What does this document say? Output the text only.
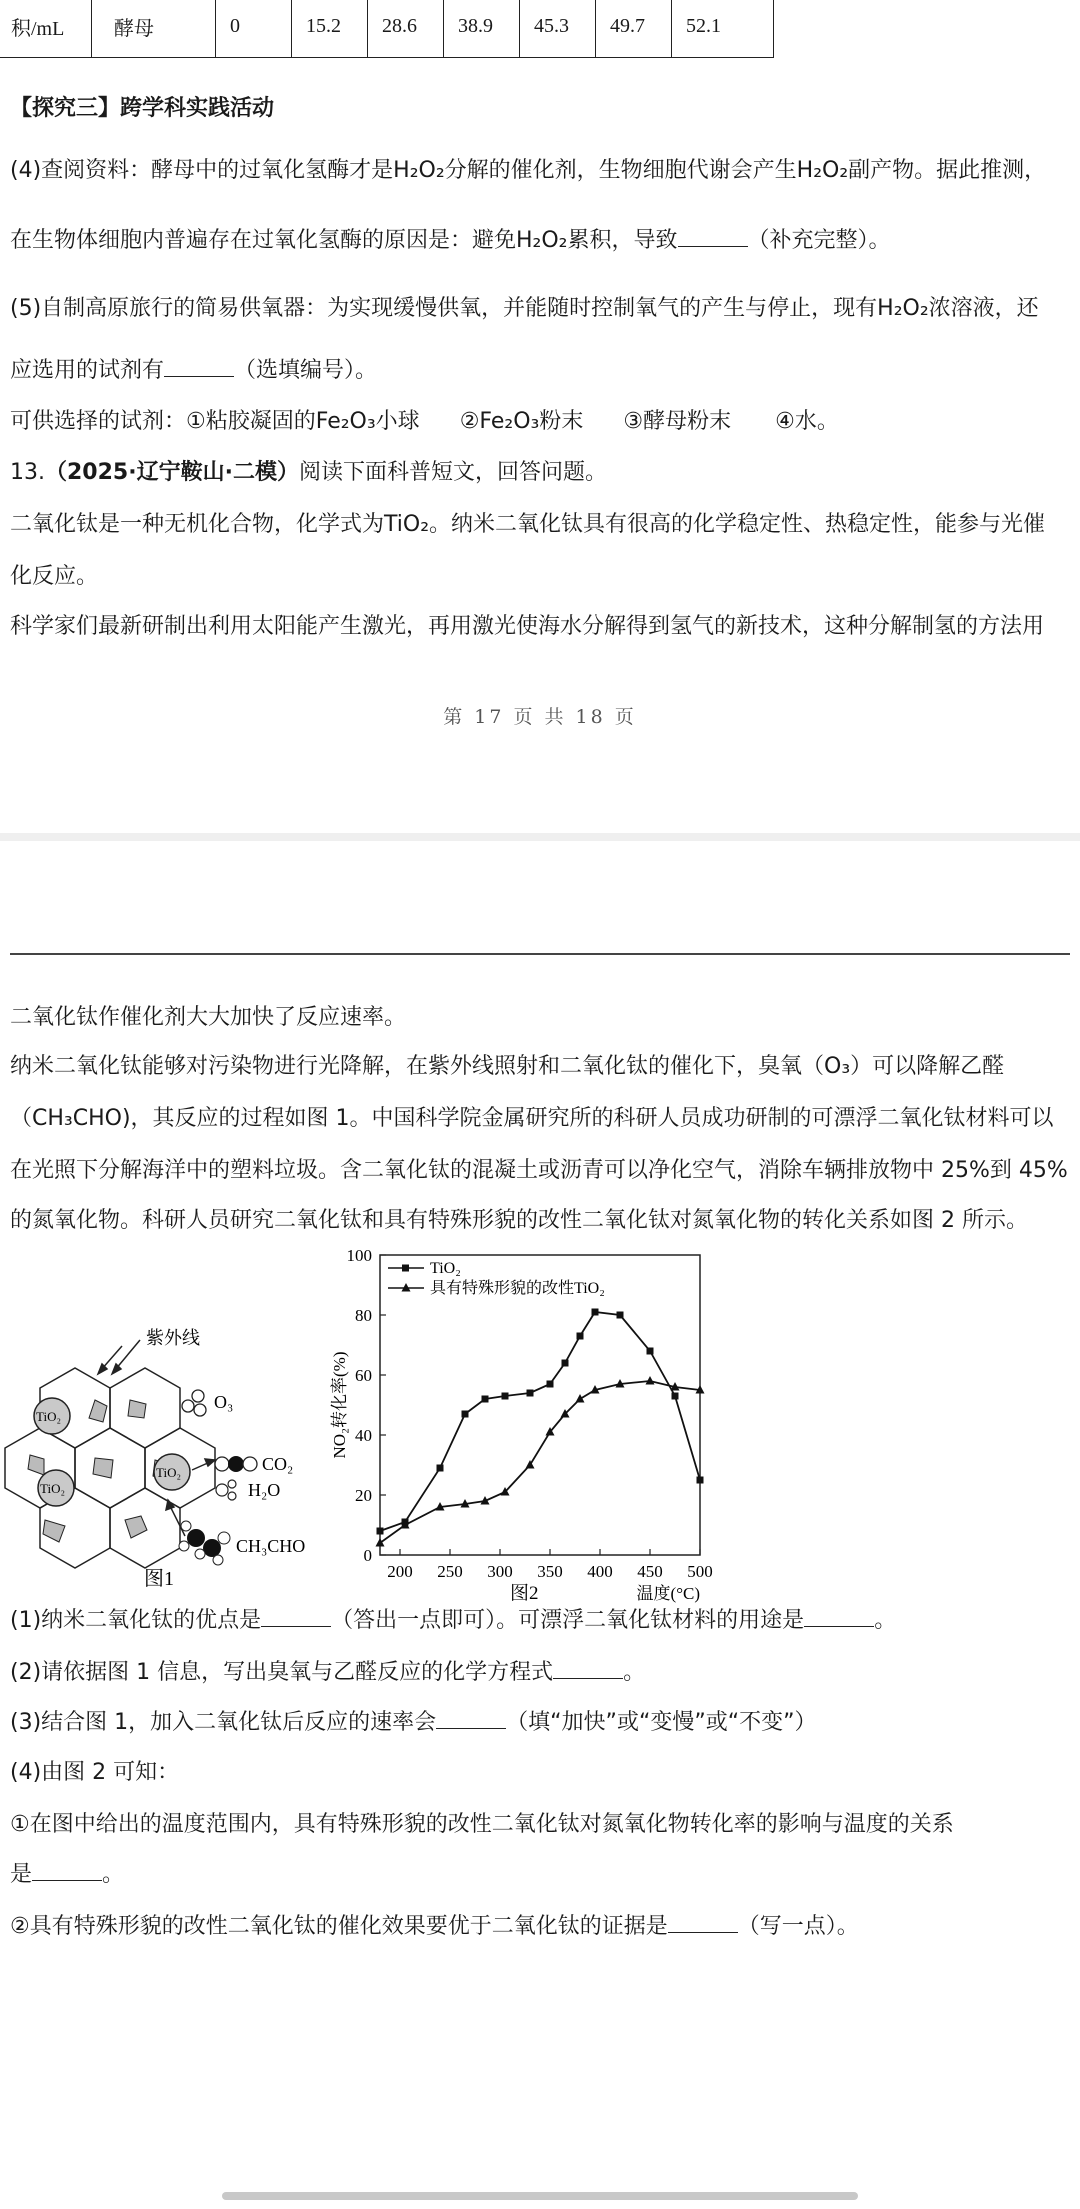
积/mL	酵母	0	15.2	28.6	38.9	45.3	49.7	52.1
【探究三】跨学科实践活动
(4)查阅资料：酵母中的过氧化氢酶才是H₂O₂分解的催化剂，生物细胞代谢会产生H₂O₂副产物。据此推测，
在生物体细胞内普遍存在过氧化氢酶的原因是：避免H₂O₂累积，导致	（补充完整）。
(5)自制高原旅行的简易供氧器：为实现缓慢供氧，并能随时控制氧气的产生与停止，现有H₂O₂浓溶液，还
应选用的试剂有	（选填编号）。
可供选择的试剂：①粘胶凝固的Fe₂O₃小球 ②Fe₂O₃粉末 ③酵母粉末 ④水。
13.（2025·辽宁鞍山·二模）阅读下面科普短文，回答问题。
二氧化钛是一种无机化合物，化学式为TiO₂。纳米二氧化钛具有很高的化学稳定性、热稳定性，能参与光催
化反应。
科学家们最新研制出利用太阳能产生激光，再用激光使海水分解得到氢气的新技术，这种分解制氢的方法用
第 17 页 共 18 页
二氧化钛作催化剂大大加快了反应速率。
纳米二氧化钛能够对污染物进行光降解，在紫外线照射和二氧化钛的催化下，臭氧（O₃）可以降解乙醛
（CH₃CHO)，其反应的过程如图 1。中国科学院金属研究所的科研人员成功研制的可漂浮二氧化钛材料可以
在光照下分解海洋中的塑料垃圾。含二氧化钛的混凝土或沥青可以净化空气，消除车辆排放物中 25%到 45%
的氮氧化物。科研人员研究二氧化钛和具有特殊形貌的改性二氧化钛对氮氧化物的转化关系如图 2 所示。
TiO₂
TiO₂
TiO₂
紫外线
O₃
CO₂
H₂O
CH₃CHO
图1
0
20
40
60
80
100
200 250 300 350 400 450 500
温度(°C)
NO₂转化率(%)
图2
TiO₂
具有特殊形貌的改性TiO₂
(1)纳米二氧化钛的优点是	（答出一点即可）。可漂浮二氧化钛材料的用途是	。
(2)请依据图 1 信息，写出臭氧与乙醛反应的化学方程式	。
(3)结合图 1，加入二氧化钛后反应的速率会	（填“加快”或“变慢”或“不变”）
(4)由图 2 可知：
①在图中给出的温度范围内，具有特殊形貌的改性二氧化钛对氮氧化物转化率的影响与温度的关系
是	。
②具有特殊形貌的改性二氧化钛的催化效果要优于二氧化钛的证据是	（写一点）。
